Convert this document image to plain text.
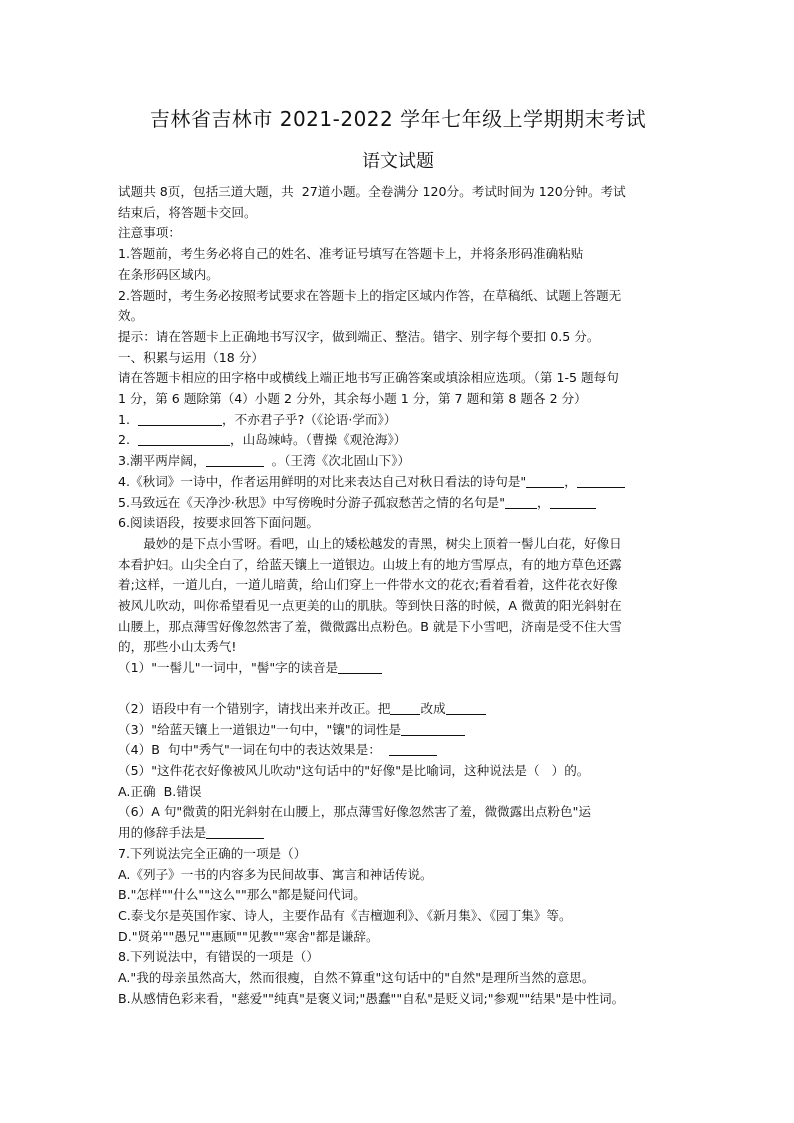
吉林省吉林市 2021-2022 学年七年级上学期期末考试
语文试题

试题共 8页，包括三道大题，共  27道小题。全卷满分 120分。考试时间为 120分钟。考试

结束后，将答题卡交回。

注意事项：

1.答题前，考生务必将自己的姓名、准考证号填写在答题卡上，并将条形码准确粘贴

在条形码区域内。

2.答题时，考生务必按照考试要求在答题卡上的指定区域内作答，在草稿纸、试题上答题无

效。

提示：请在答题卡上正确地书写汉字，做到端正、整洁。错字、别字每个要扣 0.5 分。

一、积累与运用（18 分）

请在答题卡相应的田字格中或横线上端正地书写正确答案或填涂相应选项。（第 1-5 题每句

1 分，第 6 题除第（4）小题 2 分外，其余每小题 1 分，第 7 题和第 8 题各 2 分）

1.	，不亦君子乎?（《论语·学而》）

2.	，山岛竦峙。（曹操《观沧海》）

3.潮平两岸阔，	。（王湾《次北固山下》）

4.《秋词》一诗中，作者运用鲜明的对比来表达自己对秋日看法的诗句是"	，

5.马致远在《天净沙·秋思》中写傍晚时分游子孤寂愁苦之情的名句是"	，

6.阅读语段，按要求回答下面问题。

最妙的是下点小雪呀。看吧，山上的矮松越发的青黑，树尖上顶着一髻儿白花，好像日

本看护妇。山尖全白了，给蓝天镶上一道银边。山坡上有的地方雪厚点，有的地方草色还露

着;这样，一道儿白，一道儿暗黄，给山们穿上一件带水文的花衣;看着看着，这件花衣好像

被风儿吹动，叫你希望看见一点更美的山的肌肤。等到快日落的时候，A 微黄的阳光斜射在

山腰上，那点薄雪好像忽然害了羞，微微露出点粉色。B 就是下小雪吧，济南是受不住大雪

的，那些小山太秀气!

（1）"一髻儿"一词中，"髻"字的读音是

（2）语段中有一个错别字，请找出来并改正。把 改成

（3）"给蓝天镶上一道银边"一句中，"镶"的词性是

（4）B  句中"秀气"一词在句中的表达效果是：

（5）"这件花衣好像被风儿吹动"这句话中的"好像"是比喻词，这种说法是（   ）的。

A.正确  B.错误

（6）A 句"微黄的阳光斜射在山腰上，那点薄雪好像忽然害了羞，微微露出点粉色"运

用的修辞手法是

7.下列说法完全正确的一项是（）

A.《列子》一书的内容多为民间故事、寓言和神话传说。

B."怎样""什么""这么""那么"都是疑问代词。

C.泰戈尔是英国作家、诗人，主要作品有《吉檀迦利》、《新月集》、《园丁集》等。

D."贤弟""愚兄""惠顾""见教""寒舍"都是谦辞。

8.下列说法中，有错误的一项是（）

A."我的母亲虽然高大，然而很瘦，自然不算重"这句话中的"自然"是理所当然的意思。

B.从感情色彩来看，"慈爱""纯真"是褒义词;"愚蠢""自私"是贬义词;"参观""结果"是中性词。
